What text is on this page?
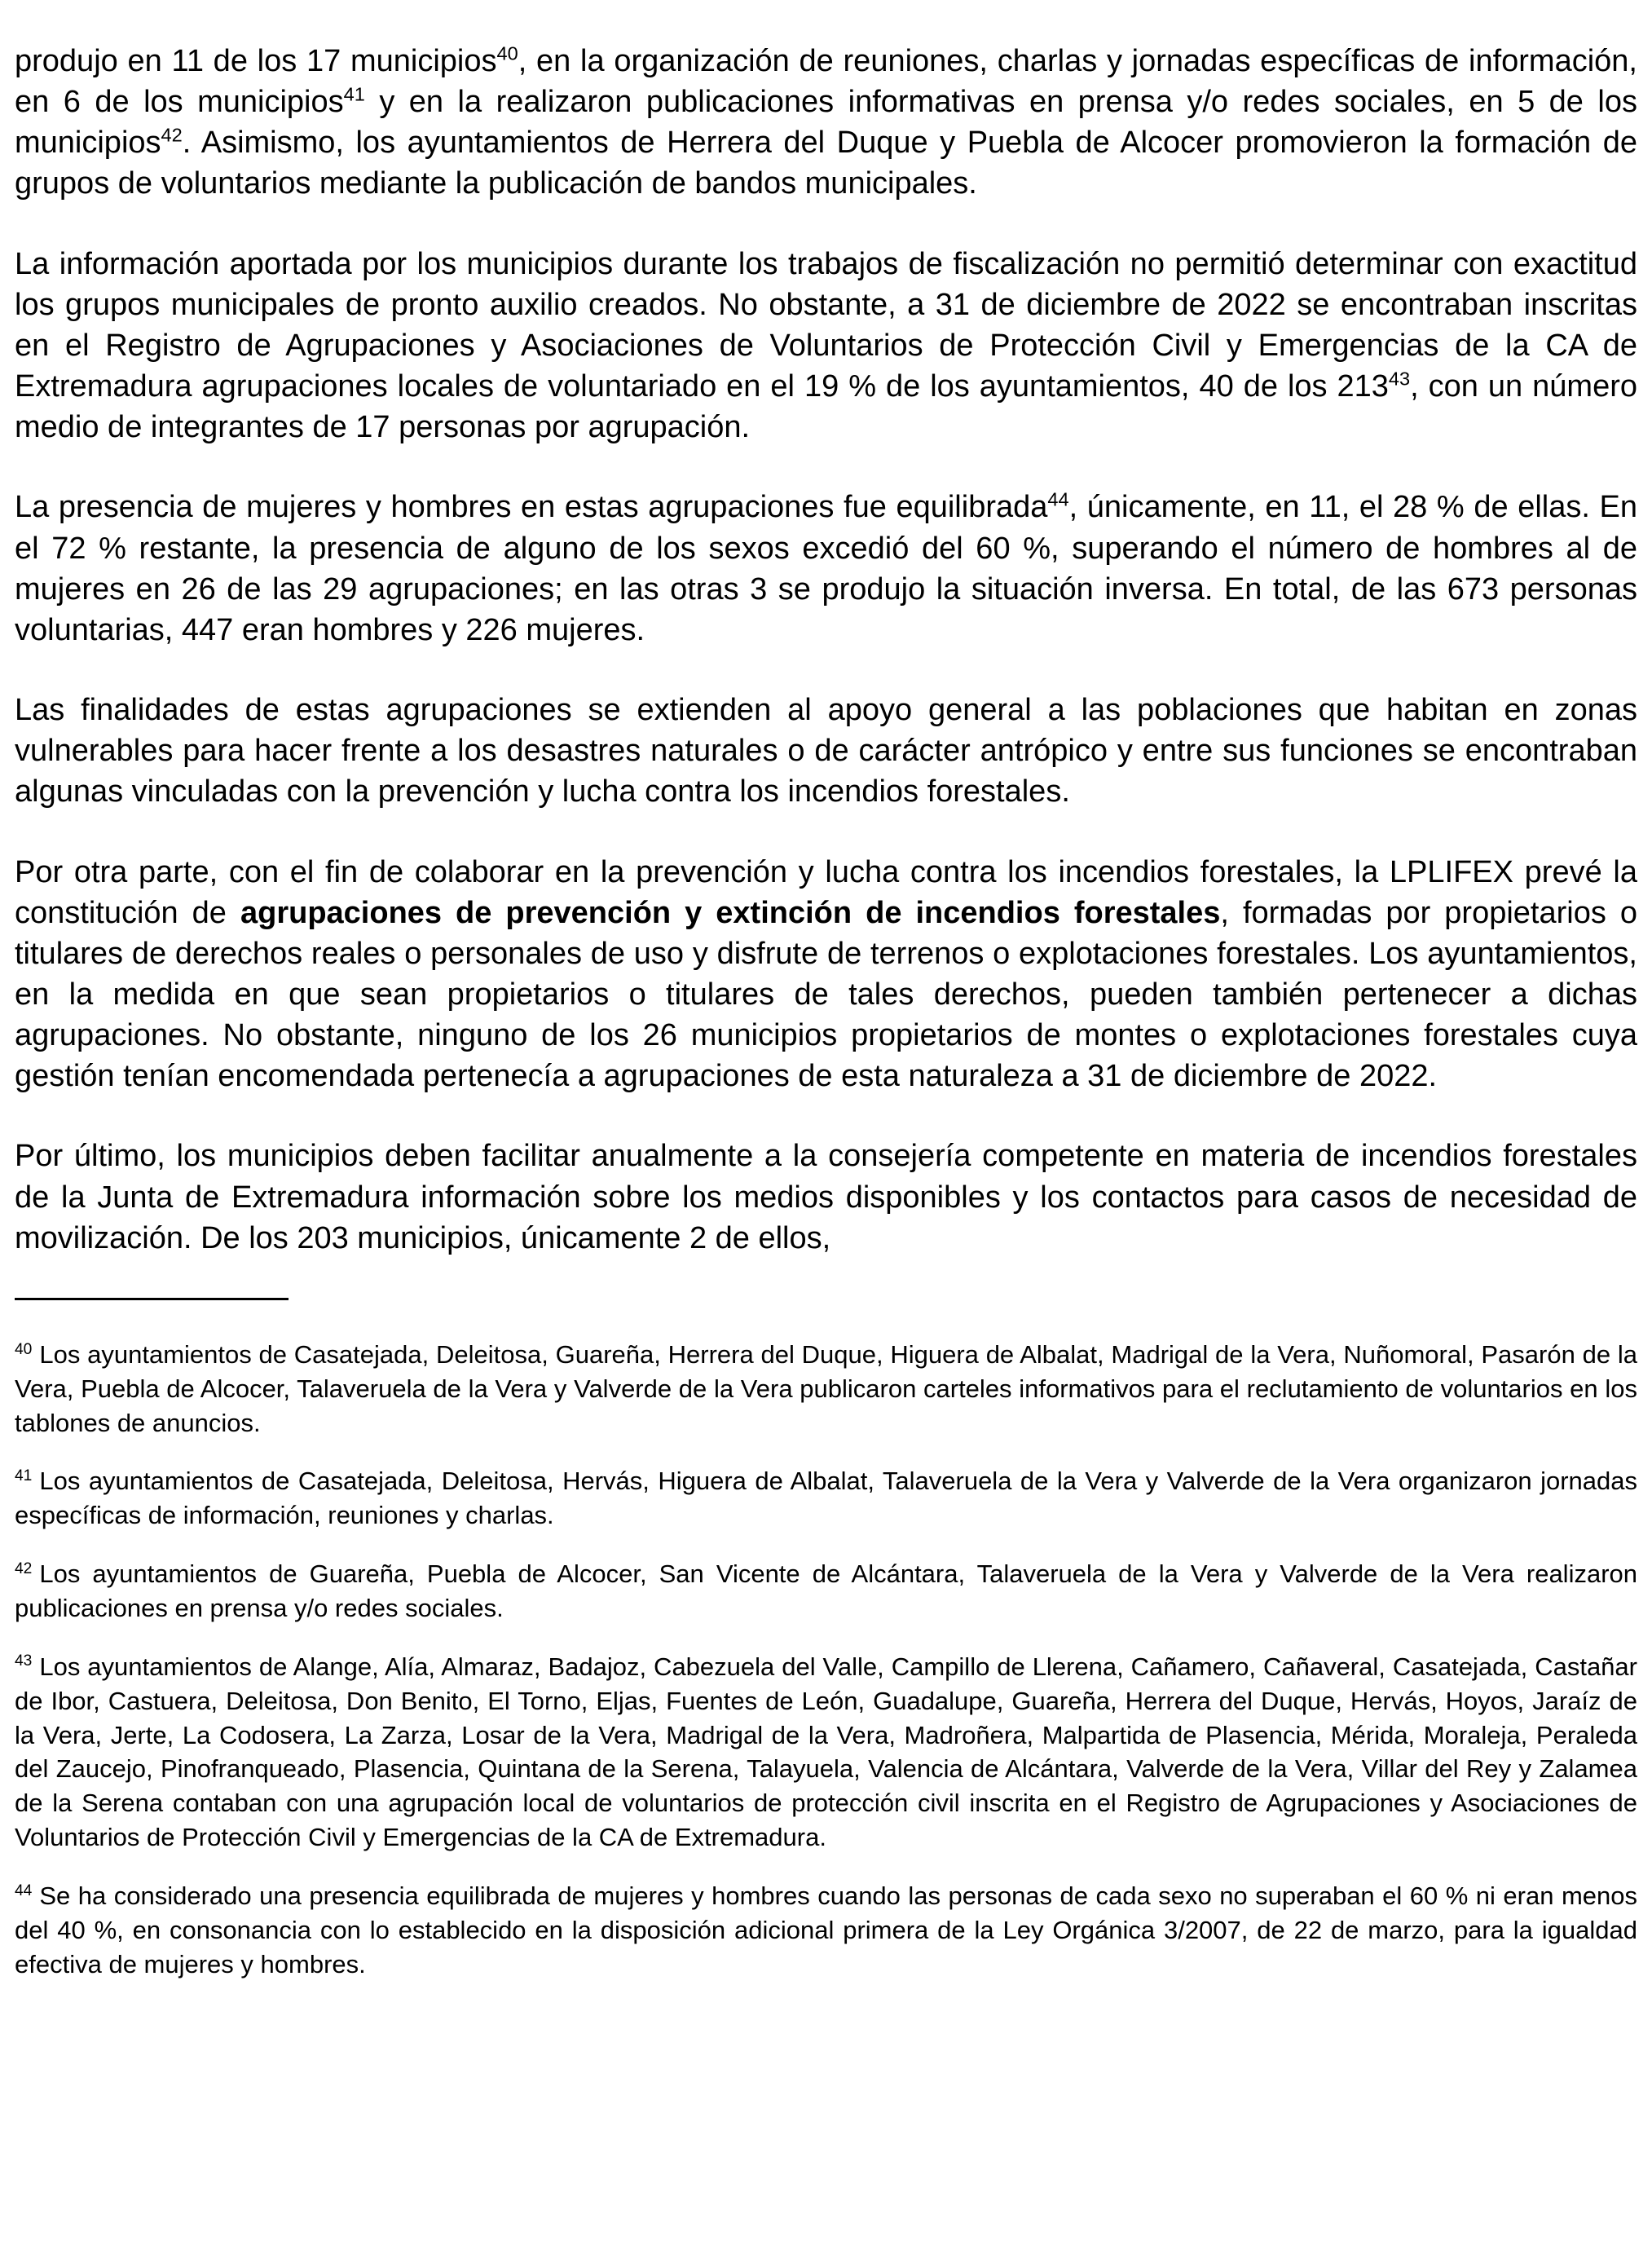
produjo en 11 de los 17 municipios$^{40}$, en la organización de reuniones, charlas y jornadas específicas de información, en 6 de los municipios$^{41}$ y en la realizaron publicaciones informativas en prensa y/o redes sociales, en 5 de los municipios$^{42}$. Asimismo, los ayuntamientos de Herrera del Duque y Puebla de Alcocer promovieron la formación de grupos de voluntarios mediante la publicación de bandos municipales.

La información aportada por los municipios durante los trabajos de fiscalización no permitió determinar con exactitud los grupos municipales de pronto auxilio creados. No obstante, a 31 de diciembre de 2022 se encontraban inscritas en el Registro de Agrupaciones y Asociaciones de Voluntarios de Protección Civil y Emergencias de la CA de Extremadura agrupaciones locales de voluntariado en el 19 % de los ayuntamientos, 40 de los $213^{43}$, con un número medio de integrantes de 17 personas por agrupación.

La presencia de mujeres y hombres en estas agrupaciones fue equilibrada$^{44}$, únicamente, en 11, el 28 % de ellas. En el 72 % restante, la presencia de alguno de los sexos excedió del 60 %, superando el número de hombres al de mujeres en 26 de las 29 agrupaciones; en las otras 3 se produjo la situación inversa. En total, de las 673 personas voluntarias, 447 eran hombres y 226 mujeres.

Las finalidades de estas agrupaciones se extienden al apoyo general a las poblaciones que habitan en zonas vulnerables para hacer frente a los desastres naturales o de carácter antrópico y entre sus funciones se encontraban algunas vinculadas con la prevención y lucha contra los incendios forestales.

Por otra parte, con el fin de colaborar en la prevención y lucha contra los incendios forestales, la LPLIFEX prevé la constitución de agrupaciones de prevención y extinción de incendios forestales, formadas por propietarios o titulares de derechos reales o personales de uso y disfrute de terrenos o explotaciones forestales. Los ayuntamientos, en la medida en que sean propietarios o titulares de tales derechos, pueden también pertenecer a dichas agrupaciones. No obstante, ninguno de los 26 municipios propietarios de montes o explotaciones forestales cuya gestión tenían encomendada pertenecía a agrupaciones de esta naturaleza a 31 de diciembre de 2022.

Por último, los municipios deben facilitar anualmente a la consejería competente en materia de incendios forestales de la Junta de Extremadura información sobre los medios disponibles y los contactos para casos de necesidad de movilización. De los 203 municipios, únicamente 2 de ellos,

$^{40}$ Los ayuntamientos de Casatejada, Deleitosa, Guareña, Herrera del Duque, Higuera de Albalat, Madrigal de la Vera, Nuñomoral, Pasarón de la Vera, Puebla de Alcocer, Talaveruela de la Vera y Valverde de la Vera publicaron carteles informativos para el reclutamiento de voluntarios en los tablones de anuncios.

$^{41}$ Los ayuntamientos de Casatejada, Deleitosa, Hervás, Higuera de Albalat, Talaveruela de la Vera y Valverde de la Vera organizaron jornadas específicas de información, reuniones y charlas.

$^{42}$ Los ayuntamientos de Guareña, Puebla de Alcocer, San Vicente de Alcántara, Talaveruela de la Vera y Valverde de la Vera realizaron publicaciones en prensa y/o redes sociales.

$^{43}$ Los ayuntamientos de Alange, Alía, Almaraz, Badajoz, Cabezuela del Valle, Campillo de Llerena, Cañamero, Cañaveral, Casatejada, Castañar de Ibor, Castuera, Deleitosa, Don Benito, El Torno, Eljas, Fuentes de León, Guadalupe, Guareña, Herrera del Duque, Hervás, Hoyos, Jaraíz de la Vera, Jerte, La Codosera, La Zarza, Losar de la Vera, Madrigal de la Vera, Madroñera, Malpartida de Plasencia, Mérida, Moraleja, Peraleda del Zaucejo, Pinofranqueado, Plasencia, Quintana de la Serena, Talayuela, Valencia de Alcántara, Valverde de la Vera, Villar del Rey y Zalamea de la Serena contaban con una agrupación local de voluntarios de protección civil inscrita en el Registro de Agrupaciones y Asociaciones de Voluntarios de Protección Civil y Emergencias de la CA de Extremadura.

$^{44}$ Se ha considerado una presencia equilibrada de mujeres y hombres cuando las personas de cada sexo no superaban el 60 % ni eran menos del 40 %, en consonancia con lo establecido en la disposición adicional primera de la Ley Orgánica 3/2007, de 22 de marzo, para la igualdad efectiva de mujeres y hombres.
